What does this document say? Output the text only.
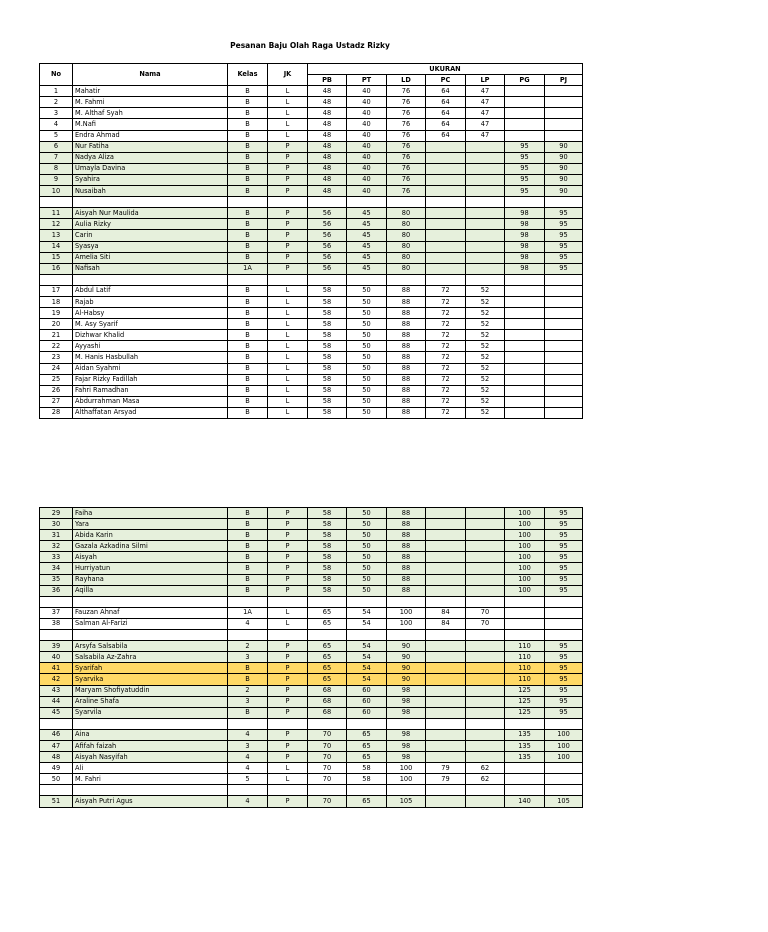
Pesanan Baju Olah Raga Ustadz Rizky
No	Nama	Kelas	JK	UKURAN						
				PB	PT	LD	PC	LP	PG	PJ
1	Mahatir	B	L	48	40	76	64	47		
2	M. Fahmi	B	L	48	40	76	64	47		
3	M. Althaf Syah	B	L	48	40	76	64	47		
4	M.Nafi	B	L	48	40	76	64	47		
5	Endra Ahmad	B	L	48	40	76	64	47		
6	Nur Fatiha	B	P	48	40	76			95	90
7	Nadya Aliza	B	P	48	40	76			95	90
8	Umayla Davina	B	P	48	40	76			95	90
9	Syahira	B	P	48	40	76			95	90
10	Nusaibah	B	P	48	40	76			95	90

11	Aisyah Nur Maulida	B	P	56	45	80			98	95
12	Aulia Rizky	B	P	56	45	80			98	95
13	Carin	B	P	56	45	80			98	95
14	Syasya	B	P	56	45	80			98	95
15	Amelia Siti	B	P	56	45	80			98	95
16	Nafisah	1A	P	56	45	80			98	95

17	Abdul Latif	B	L	58	50	88	72	52		
18	Rajab	B	L	58	50	88	72	52		
19	Al-Habsy	B	L	58	50	88	72	52		
20	M. Asy Syarif	B	L	58	50	88	72	52		
21	Dizhwar Khalid	B	L	58	50	88	72	52		
22	Ayyashi	B	L	58	50	88	72	52		
23	M. Hanis Hasbullah	B	L	58	50	88	72	52		
24	Aidan Syahmi	B	L	58	50	88	72	52		
25	Fajar Rizky Fadillah	B	L	58	50	88	72	52		
26	Fahri Ramadhan	B	L	58	50	88	72	52		
27	Abdurrahman Masa	B	L	58	50	88	72	52		
28	Althaffatan Arsyad	B	L	58	50	88	72	52		
29	Faiha	B	P	58	50	88			100	95
30	Yara	B	P	58	50	88			100	95
31	Abida Karin	B	P	58	50	88			100	95
32	Gazala Azkadina Silmi	B	P	58	50	88			100	95
33	Aisyah	B	P	58	50	88			100	95
34	Hurriyatun	B	P	58	50	88			100	95
35	Rayhana	B	P	58	50	88			100	95
36	Aqilla	B	P	58	50	88			100	95

37	Fauzan Ahnaf	1A	L	65	54	100	84	70		
38	Salman Al-Farizi	4	L	65	54	100	84	70		

39	Arsyfa Salsabila	2	P	65	54	90			110	95
40	Salsabila Az-Zahra	3	P	65	54	90			110	95
41	Syarifah	B	P	65	54	90			110	95
42	Syarvika	B	P	65	54	90			110	95
43	Maryam Shofiyatuddin	2	P	68	60	98			125	95
44	Araline Shafa	3	P	68	60	98			125	95
45	Syarvila	B	P	68	60	98			125	95

46	Aina	4	P	70	65	98			135	100
47	Afifah faizah	3	P	70	65	98			135	100
48	Aisyah Nasyifah	4	P	70	65	98			135	100
49	Ali	4	L	70	58	100	79	62		
50	M. Fahri	5	L	70	58	100	79	62		

51	Aisyah Putri Agus	4	P	70	65	105			140	105
